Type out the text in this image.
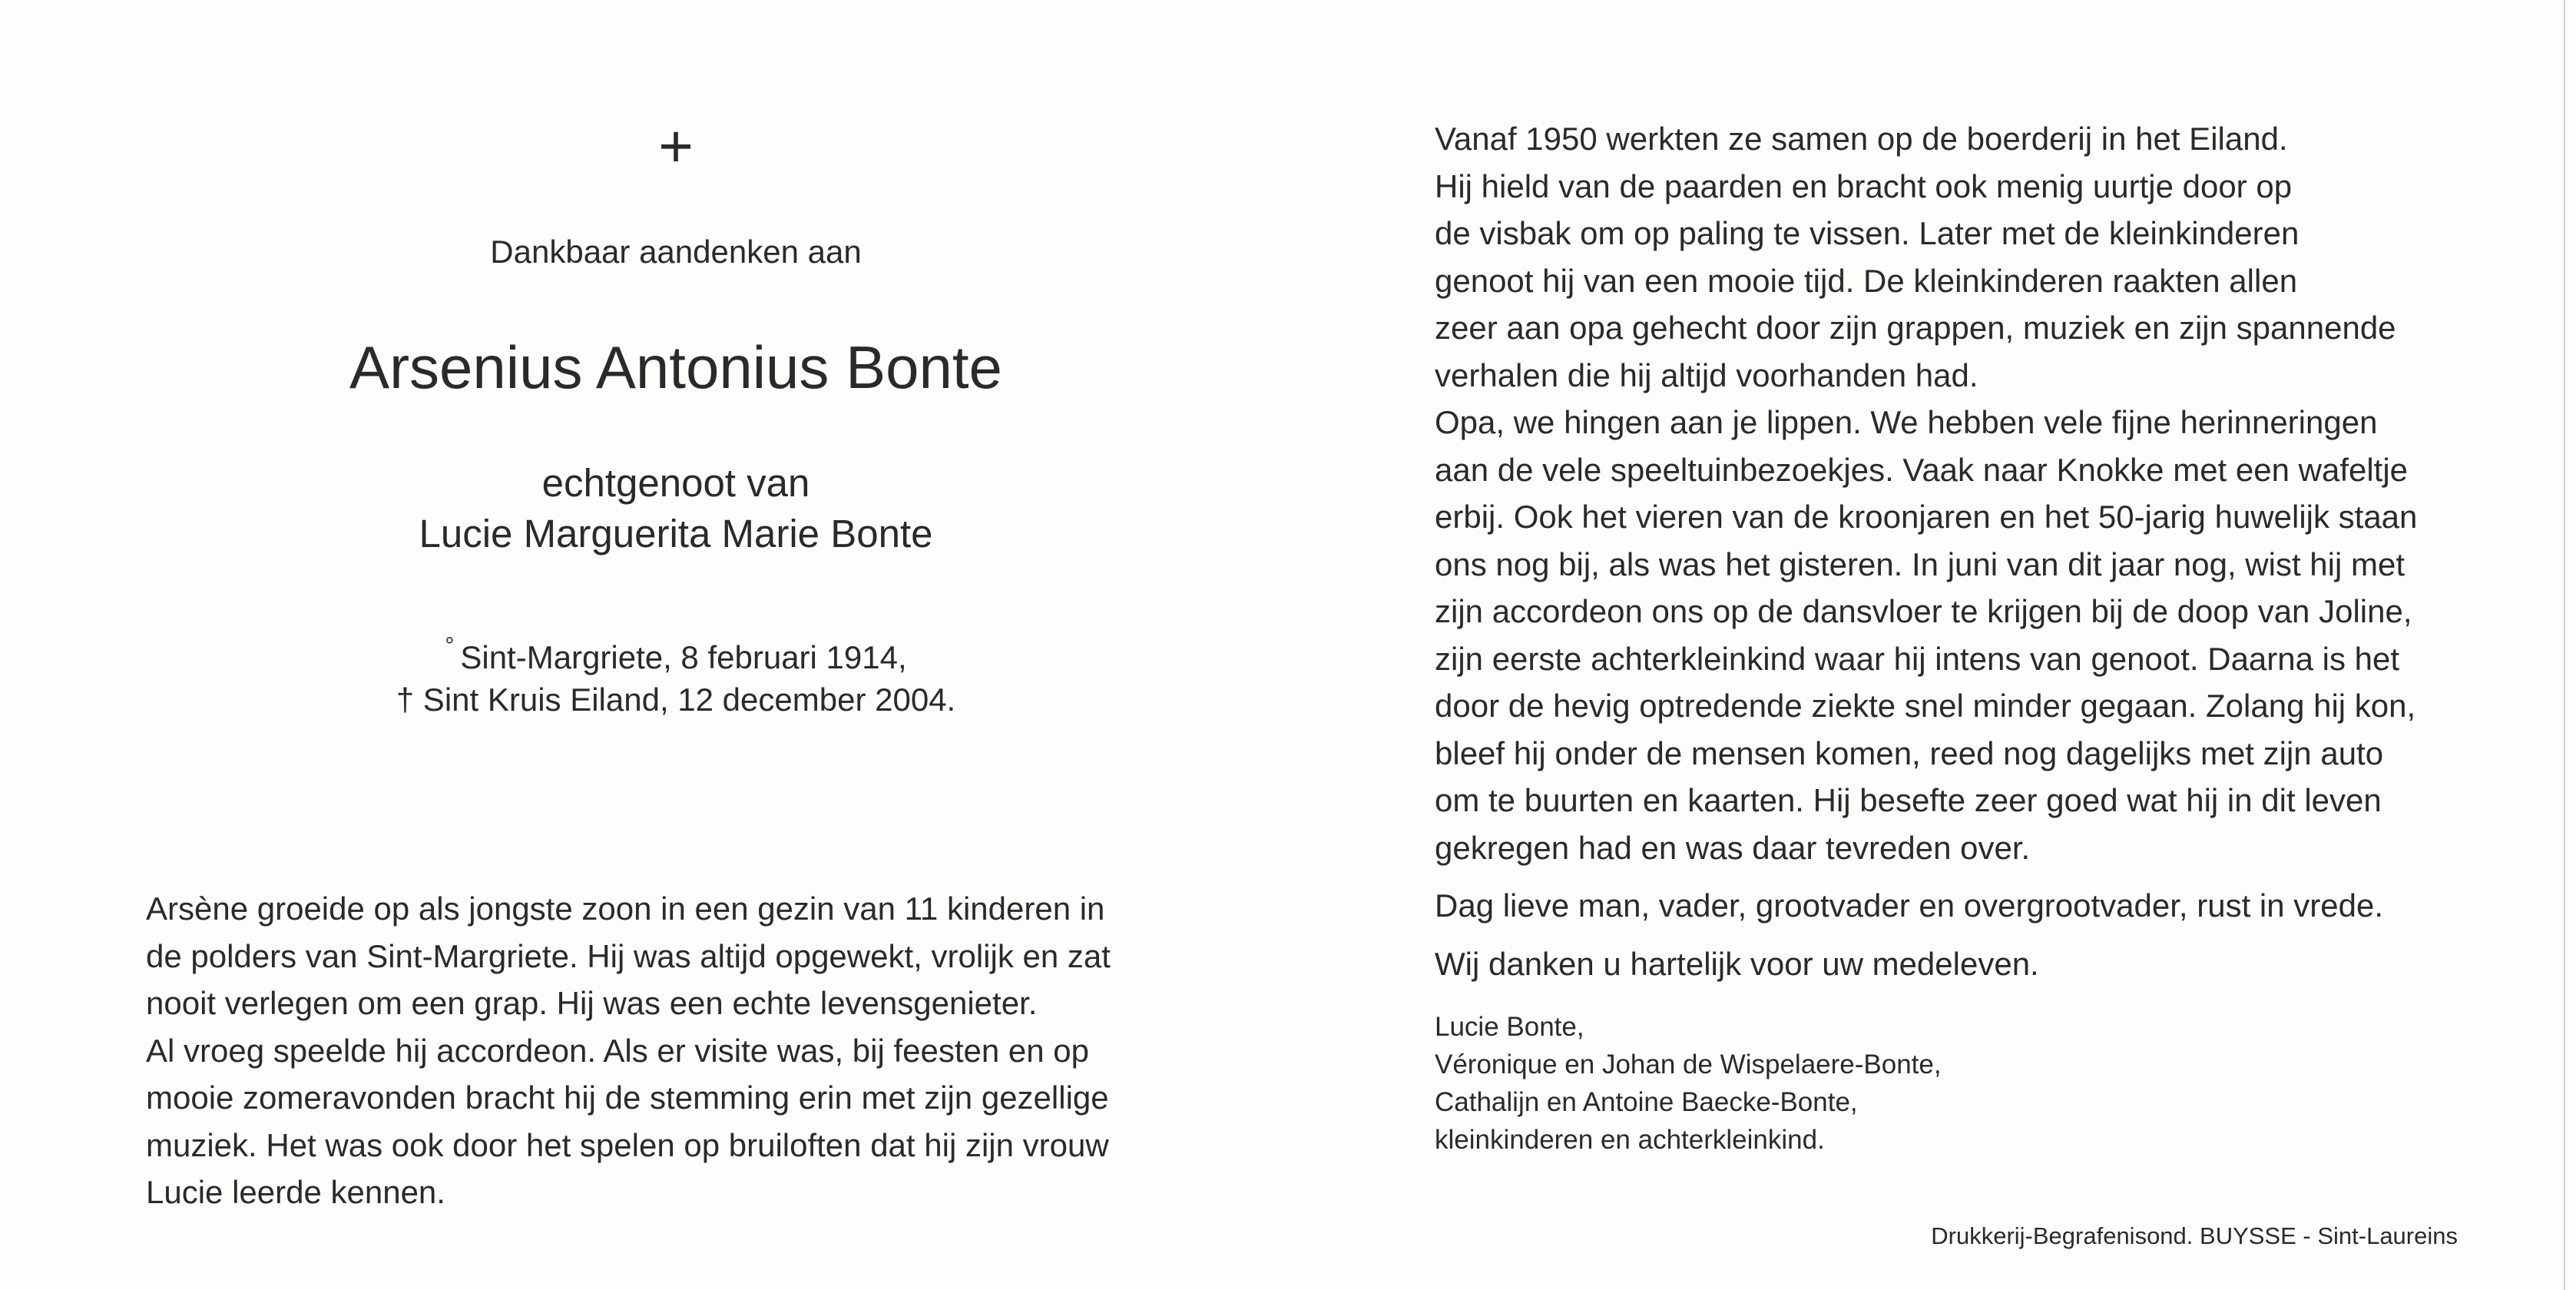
+
Dankbaar aandenken aan
Arsenius Antonius Bonte
echtgenoot van
Lucie Marguerita Marie Bonte
° Sint-Margriete, 8 februari 1914,
† Sint Kruis Eiland, 12 december 2004.
Arsène groeide op als jongste zoon in een gezin van 11 kinderen in
de polders van Sint-Margriete. Hij was altijd opgewekt, vrolijk en zat
nooit verlegen om een grap. Hij was een echte levensgenieter.
Al vroeg speelde hij accordeon. Als er visite was, bij feesten en op
mooie zomeravonden bracht hij de stemming erin met zijn gezellige
muziek. Het was ook door het spelen op bruiloften dat hij zijn vrouw
Lucie leerde kennen.
Vanaf 1950 werkten ze samen op de boerderij in het Eiland.
Hij hield van de paarden en bracht ook menig uurtje door op
de visbak om op paling te vissen. Later met de kleinkinderen
genoot hij van een mooie tijd. De kleinkinderen raakten allen
zeer aan opa gehecht door zijn grappen, muziek en zijn spannende
verhalen die hij altijd voorhanden had.
Opa, we hingen aan je lippen. We hebben vele fijne herinneringen
aan de vele speeltuinbezoekjes. Vaak naar Knokke met een wafeltje
erbij. Ook het vieren van de kroonjaren en het 50-jarig huwelijk staan
ons nog bij, als was het gisteren. In juni van dit jaar nog, wist hij met
zijn accordeon ons op de dansvloer te krijgen bij de doop van Joline,
zijn eerste achterkleinkind waar hij intens van genoot. Daarna is het
door de hevig optredende ziekte snel minder gegaan. Zolang hij kon,
bleef hij onder de mensen komen, reed nog dagelijks met zijn auto
om te buurten en kaarten. Hij besefte zeer goed wat hij in dit leven
gekregen had en was daar tevreden over.
Dag lieve man, vader, grootvader en overgrootvader, rust in vrede.
Wij danken u hartelijk voor uw medeleven.
Lucie Bonte,
Véronique en Johan de Wispelaere-Bonte,
Cathalijn en Antoine Baecke-Bonte,
kleinkinderen en achterkleinkind.
Drukkerij-Begrafenisond. BUYSSE - Sint-Laureins
